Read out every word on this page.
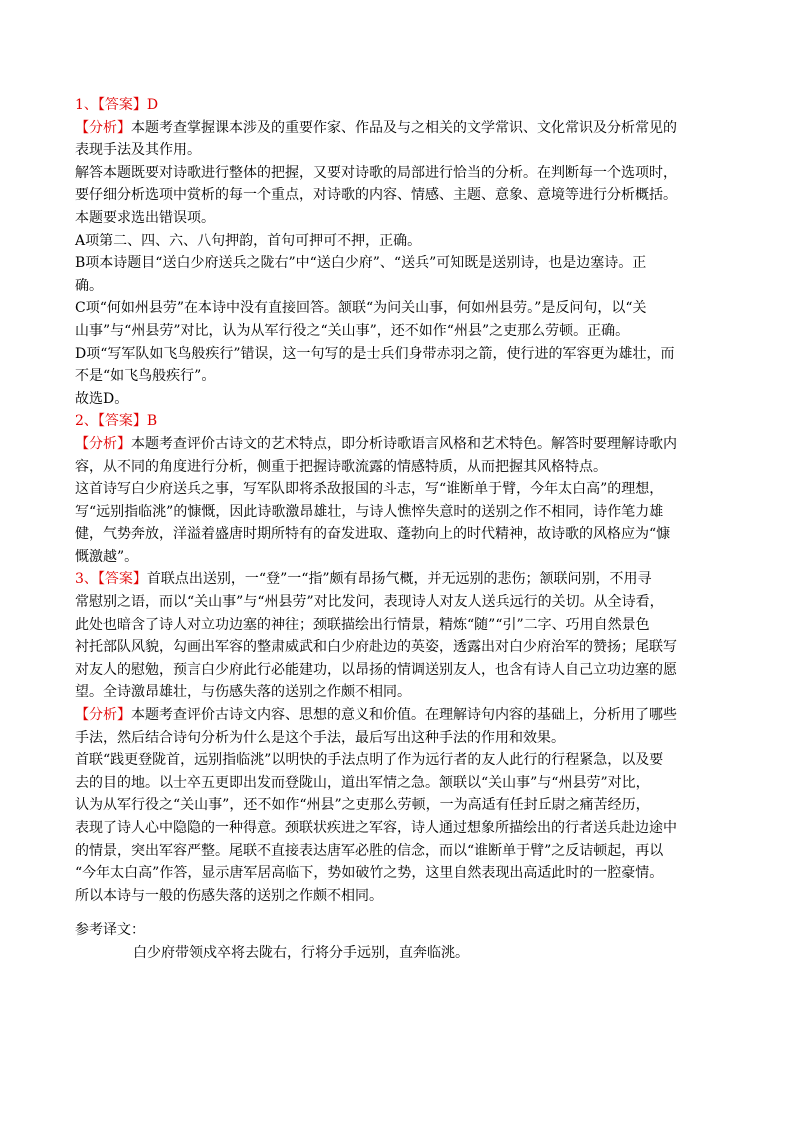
1、【答案】D
【分析】本题考查掌握课本涉及的重要作家、作品及与之相关的文学常识、文化常识及分析常见的
表现手法及其作用。
解答本题既要对诗歌进行整体的把握，又要对诗歌的局部进行恰当的分析。在判断每一个选项时，
要仔细分析选项中赏析的每一个重点，对诗歌的内容、情感、主题、意象、意境等进行分析概括。
本题要求选出错误项。
A项第二、四、六、八句押韵，首句可押可不押，正确。
B项本诗题目“送白少府送兵之陇右”中“送白少府”、“送兵”可知既是送别诗，也是边塞诗。正
确。
C项“何如州县劳”在本诗中没有直接回答。颔联“为问关山事，何如州县劳。”是反问句，以“关
山事”与“州县劳”对比，认为从军行役之“关山事”，还不如作“州县”之吏那么劳顿。正确。
D项“写军队如飞鸟般疾行”错误，这一句写的是士兵们身带赤羽之箭，使行进的军容更为雄壮，而
不是“如飞鸟般疾行”。
故选D。
2、【答案】B
【分析】本题考查评价古诗文的艺术特点，即分析诗歌语言风格和艺术特色。解答时要理解诗歌内
容，从不同的角度进行分析，侧重于把握诗歌流露的情感特质，从而把握其风格特点。
这首诗写白少府送兵之事，写军队即将杀敌报国的斗志，写“谁断单于臂，今年太白高”的理想，
写“远别指临洮”的慷慨，因此诗歌激昂雄壮，与诗人憔悴失意时的送别之作不相同，诗作笔力雄
健，气势奔放，洋溢着盛唐时期所特有的奋发进取、蓬勃向上的时代精神，故诗歌的风格应为“慷
慨激越”。
3、【答案】首联点出送别，一“登”一“指”颇有昂扬气概，并无远别的悲伤；颔联问别，不用寻
常慰别之语，而以“关山事”与“州县劳”对比发问，表现诗人对友人送兵远行的关切。从全诗看，
此处也暗含了诗人对立功边塞的神往；颈联描绘出行情景，精炼“随”“引”二字、巧用自然景色
衬托部队风貌，勾画出军容的整肃威武和白少府赴边的英姿，透露出对白少府治军的赞扬；尾联写
对友人的慰勉，预言白少府此行必能建功，以昂扬的情调送别友人，也含有诗人自己立功边塞的愿
望。全诗激昂雄壮，与伤感失落的送别之作颇不相同。
【分析】本题考查评价古诗文内容、思想的意义和价值。在理解诗句内容的基础上，分析用了哪些
手法，然后结合诗句分析为什么是这个手法，最后写出这种手法的作用和效果。
首联“践更登陇首，远别指临洮”以明快的手法点明了作为远行者的友人此行的行程紧急，以及要
去的目的地。以士卒五更即出发而登陇山，道出军情之急。颔联以“关山事”与“州县劳”对比，
认为从军行役之“关山事”，还不如作“州县”之吏那么劳顿，一为高适有任封丘尉之痛苦经历，
表现了诗人心中隐隐的一种得意。颈联状疾进之军容，诗人通过想象所描绘出的行者送兵赴边途中
的情景，突出军容严整。尾联不直接表达唐军必胜的信念，而以“谁断单于臂”之反诘顿起，再以
“今年太白高”作答，显示唐军居高临下，势如破竹之势，这里自然表现出高适此时的一腔豪情。
所以本诗与一般的伤感失落的送别之作颇不相同。
参考译文：
白少府带领戍卒将去陇右，行将分手远别，直奔临洮。
